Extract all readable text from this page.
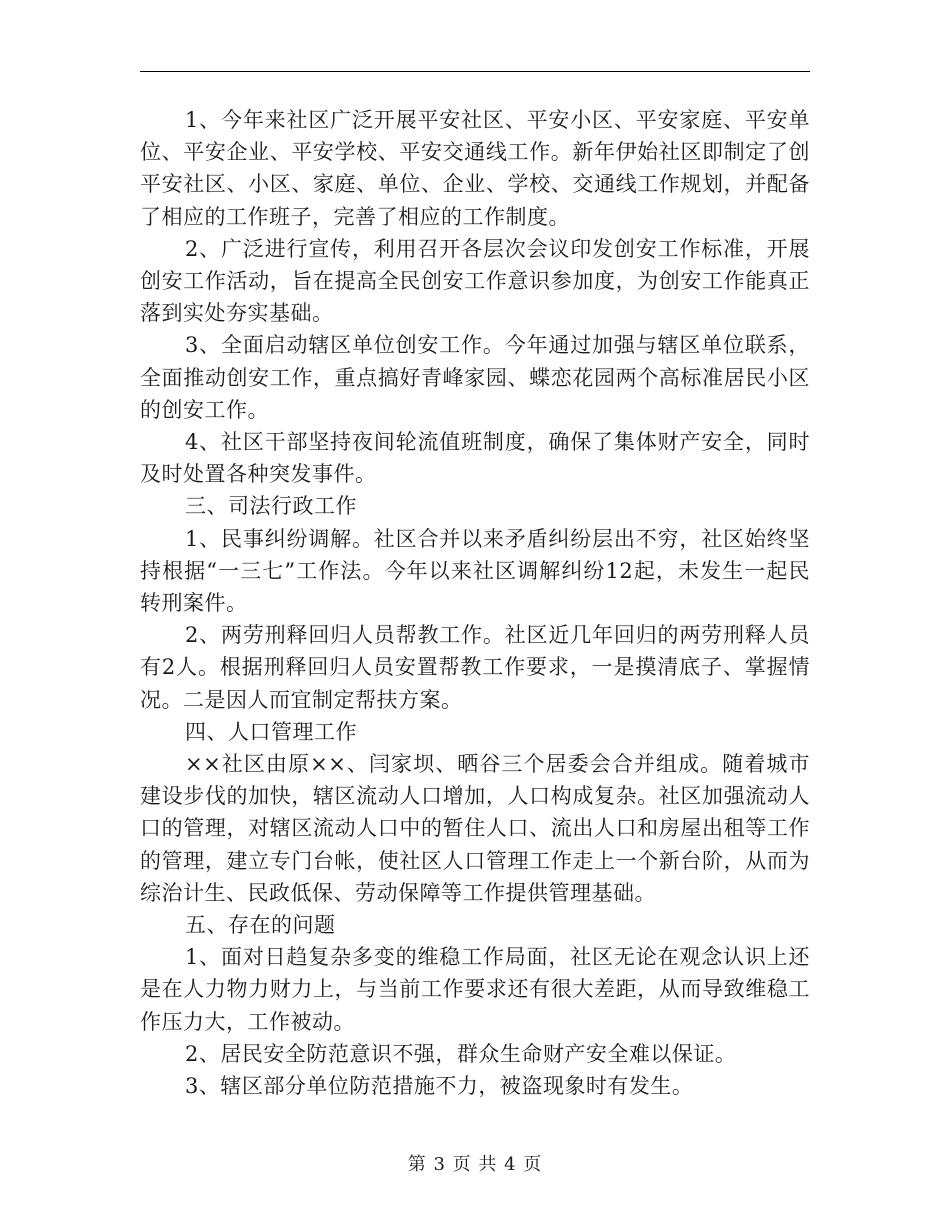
1、今年来社区广泛开展平安社区、平安小区、平安家庭、平安单位、平安企业、平安学校、平安交通线工作。新年伊始社区即制定了创平安社区、小区、家庭、单位、企业、学校、交通线工作规划，并配备了相应的工作班子，完善了相应的工作制度。

2、广泛进行宣传，利用召开各层次会议印发创安工作标准，开展创安工作活动，旨在提高全民创安工作意识参加度，为创安工作能真正落到实处夯实基础。

3、全面启动辖区单位创安工作。今年通过加强与辖区单位联系，全面推动创安工作，重点搞好青峰家园、蝶恋花园两个高标准居民小区的创安工作。

4、社区干部坚持夜间轮流值班制度，确保了集体财产安全，同时及时处置各种突发事件。

三、司法行政工作

1、民事纠纷调解。社区合并以来矛盾纠纷层出不穷，社区始终坚持根据“一三七”工作法。今年以来社区调解纠纷12起，未发生一起民转刑案件。

2、两劳刑释回归人员帮教工作。社区近几年回归的两劳刑释人员有2人。根据刑释回归人员安置帮教工作要求，一是摸清底子、掌握情况。二是因人而宜制定帮扶方案。

四、人口管理工作

××社区由原××、闫家坝、晒谷三个居委会合并组成。随着城市建设步伐的加快，辖区流动人口增加，人口构成复杂。社区加强流动人口的管理，对辖区流动人口中的暂住人口、流出人口和房屋出租等工作的管理，建立专门台帐，使社区人口管理工作走上一个新台阶，从而为综治计生、民政低保、劳动保障等工作提供管理基础。

五、存在的问题

1、面对日趋复杂多变的维稳工作局面，社区无论在观念认识上还是在人力物力财力上，与当前工作要求还有很大差距，从而导致维稳工作压力大，工作被动。

2、居民安全防范意识不强，群众生命财产安全难以保证。

3、辖区部分单位防范措施不力，被盗现象时有发生。

第 3 页 共 4 页
